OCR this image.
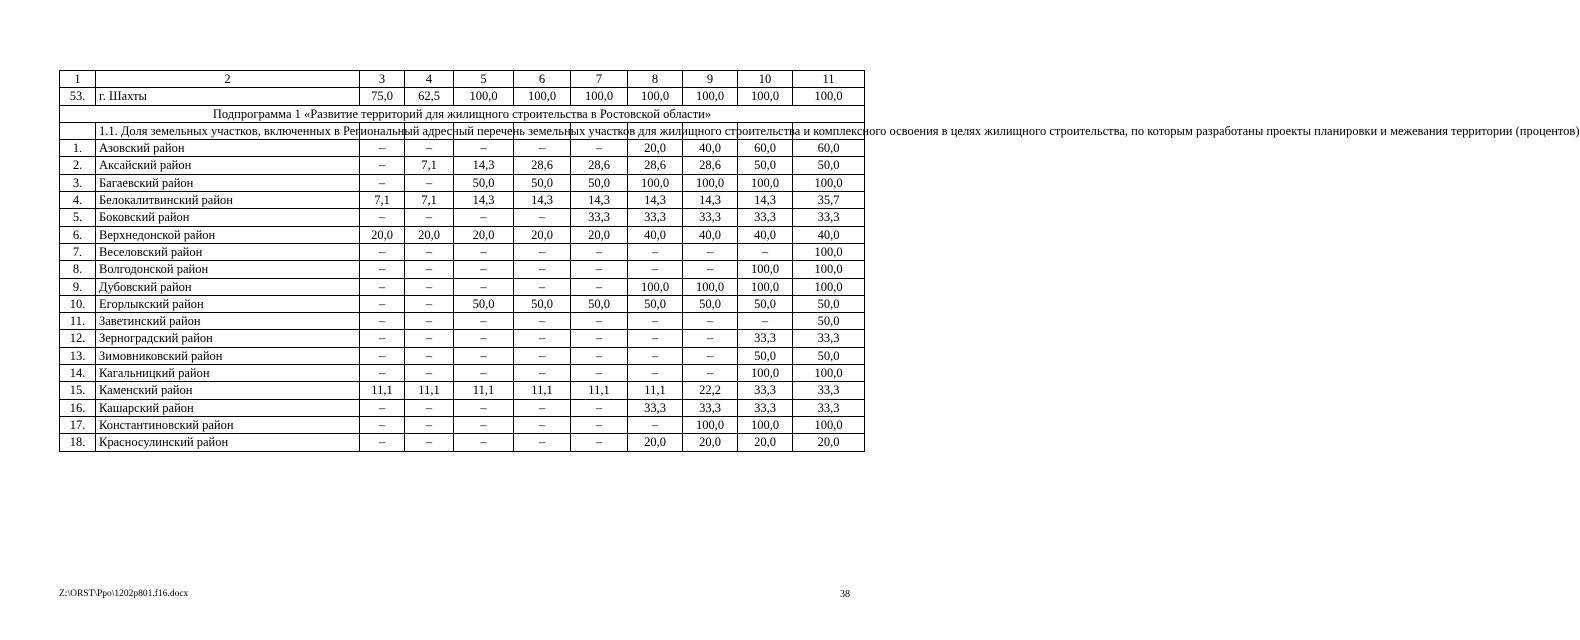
1	2	3	4	5	6	7	8	9	10	11
53.	г. Шахты	75,0	62,5	100,0	100,0	100,0	100,0	100,0	100,0	100,0
Подпрограмма 1 «Развитие территорий для жилищного строительства в Ростовской области»										
	1.1. Доля земельных участков, включенных в Региональный адресный перечень земельных участков для жилищного строительства и комплексного освоения в целях жилищного строительства, по которым разработаны проекты планировки и межевания территории (процентов)									
1.	Азовский район	–	–	–	–	–	20,0	40,0	60,0	60,0
2.	Аксайский район	–	7,1	14,3	28,6	28,6	28,6	28,6	50,0	50,0
3.	Багаевский район	–	–	50,0	50,0	50,0	100,0	100,0	100,0	100,0
4.	Белокалитвинский район	7,1	7,1	14,3	14,3	14,3	14,3	14,3	14,3	35,7
5.	Боковский район	–	–	–	–	33,3	33,3	33,3	33,3	33,3
6.	Верхнедонской район	20,0	20,0	20,0	20,0	20,0	40,0	40,0	40,0	40,0
7.	Веселовский район	–	–	–	–	–	–	–	–	100,0
8.	Волгодонской район	–	–	–	–	–	–	–	100,0	100,0
9.	Дубовский район	–	–	–	–	–	100,0	100,0	100,0	100,0
10.	Егорлыкский район	–	–	50,0	50,0	50,0	50,0	50,0	50,0	50,0
11.	Заветинский район	–	–	–	–	–	–	–	–	50,0
12.	Зерноградский район	–	–	–	–	–	–	–	33,3	33,3
13.	Зимовниковский район	–	–	–	–	–	–	–	50,0	50,0
14.	Кагальницкий район	–	–	–	–	–	–	–	100,0	100,0
15.	Каменский район	11,1	11,1	11,1	11,1	11,1	11,1	22,2	33,3	33,3
16.	Кашарский район	–	–	–	–	–	33,3	33,3	33,3	33,3
17.	Константиновский район	–	–	–	–	–	–	100,0	100,0	100,0
18.	Красносулинский район	–	–	–	–	–	20,0	20,0	20,0	20,0
Z:\ORST\Ppo\1202p801.f16.docx	38
